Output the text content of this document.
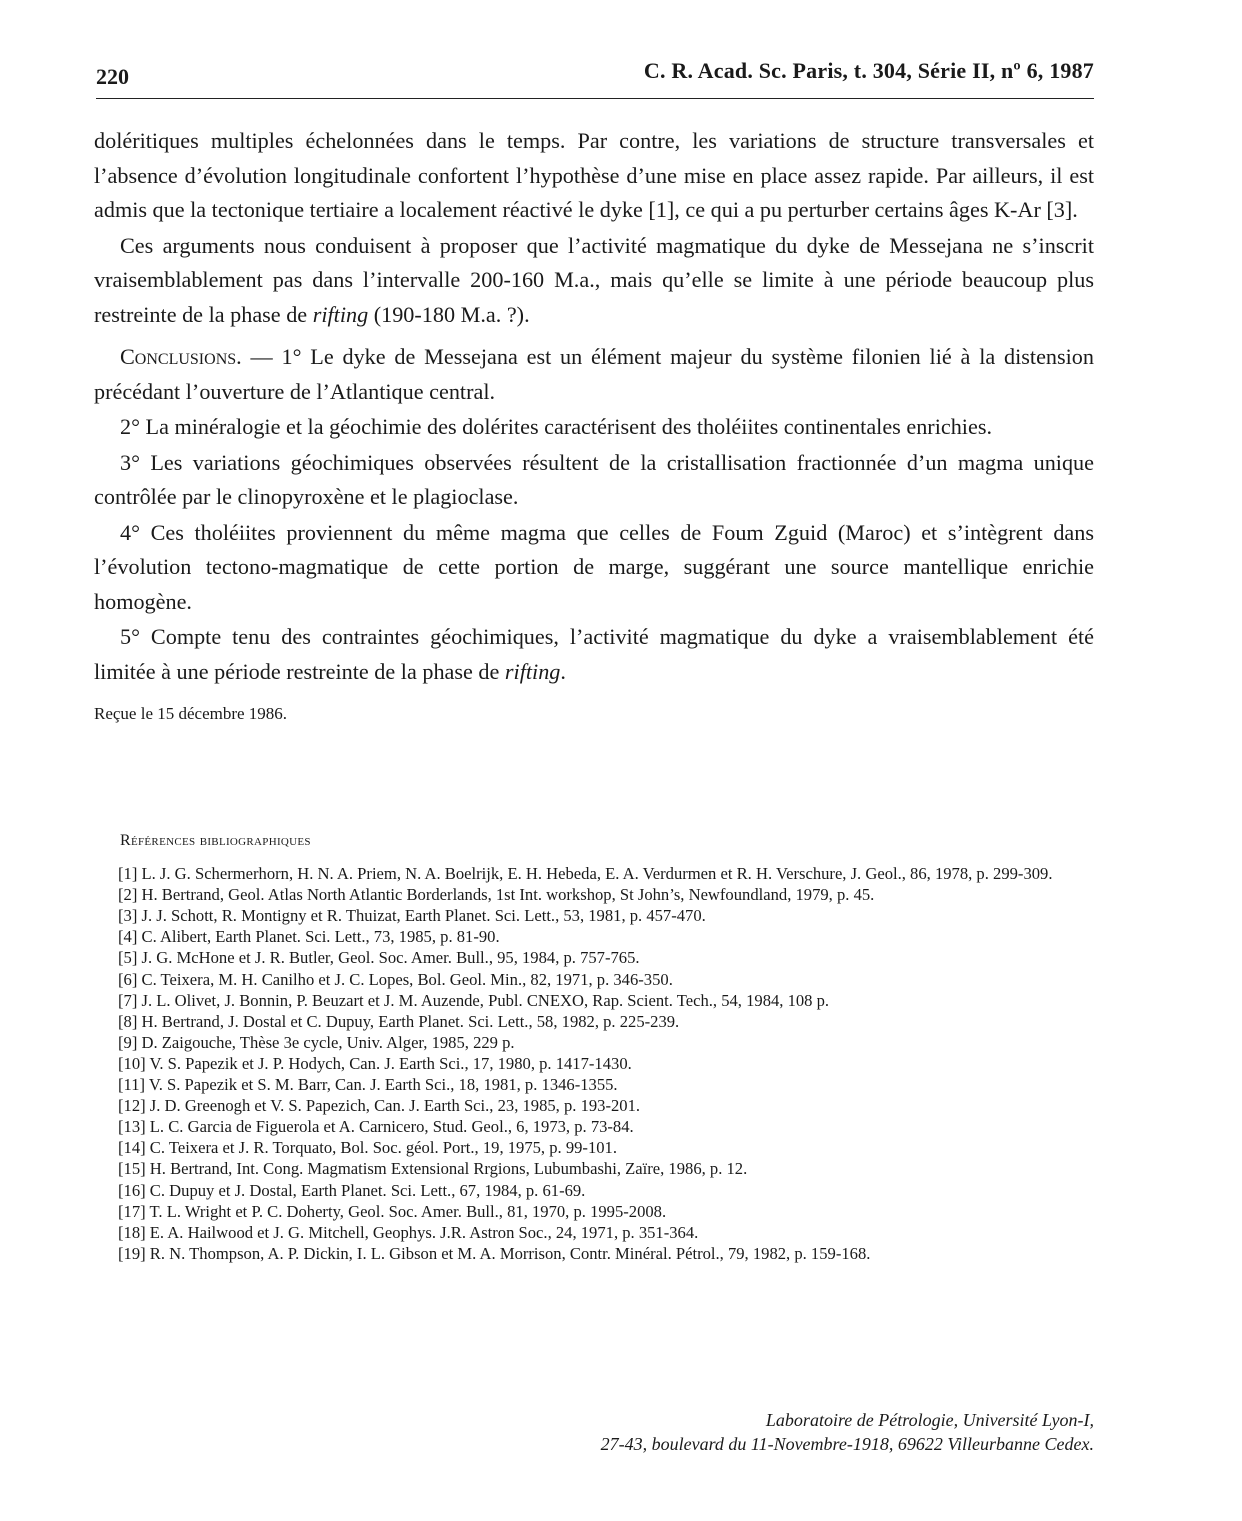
220	C. R. Acad. Sc. Paris, t. 304, Série II, nº 6, 1987

doléritiques multiples échelonnées dans le temps. Par contre, les variations de structure transversales et l’absence d’évolution longitudinale confortent l’hypothèse d’une mise en place assez rapide. Par ailleurs, il est admis que la tectonique tertiaire a localement réactivé le dyke [1], ce qui a pu perturber certains âges K-Ar [3].

Ces arguments nous conduisent à proposer que l’activité magmatique du dyke de Messejana ne s’inscrit vraisemblablement pas dans l’intervalle 200-160 M.a., mais qu’elle se limite à une période beaucoup plus restreinte de la phase de rifting (190-180 M.a. ?).

Conclusions. — 1° Le dyke de Messejana est un élément majeur du système filonien lié à la distension précédant l’ouverture de l’Atlantique central.

2° La minéralogie et la géochimie des dolérites caractérisent des tholéiites continentales enrichies.

3° Les variations géochimiques observées résultent de la cristallisation fractionnée d’un magma unique contrôlée par le clinopyroxène et le plagioclase.

4° Ces tholéiites proviennent du même magma que celles de Foum Zguid (Maroc) et s’intègrent dans l’évolution tectono-magmatique de cette portion de marge, suggérant une source mantellique enrichie homogène.

5° Compte tenu des contraintes géochimiques, l’activité magmatique du dyke a vraisemblablement été limitée à une période restreinte de la phase de rifting.

Reçue le 15 décembre 1986.
Références bibliographiques

[1] L. J. G. Schermerhorn, H. N. A. Priem, N. A. Boelrijk, E. H. Hebeda, E. A. Verdurmen et R. H. Verschure, J. Geol., 86, 1978, p. 299-309.

[2] H. Bertrand, Geol. Atlas North Atlantic Borderlands, 1st Int. workshop, St John’s, Newfoundland, 1979, p. 45.

[3] J. J. Schott, R. Montigny et R. Thuizat, Earth Planet. Sci. Lett., 53, 1981, p. 457-470.

[4] C. Alibert, Earth Planet. Sci. Lett., 73, 1985, p. 81-90.

[5] J. G. McHone et J. R. Butler, Geol. Soc. Amer. Bull., 95, 1984, p. 757-765.

[6] C. Teixera, M. H. Canilho et J. C. Lopes, Bol. Geol. Min., 82, 1971, p. 346-350.

[7] J. L. Olivet, J. Bonnin, P. Beuzart et J. M. Auzende, Publ. CNEXO, Rap. Scient. Tech., 54, 1984, 108 p.

[8] H. Bertrand, J. Dostal et C. Dupuy, Earth Planet. Sci. Lett., 58, 1982, p. 225-239.

[9] D. Zaigouche, Thèse 3e cycle, Univ. Alger, 1985, 229 p.

[10] V. S. Papezik et J. P. Hodych, Can. J. Earth Sci., 17, 1980, p. 1417-1430.

[11] V. S. Papezik et S. M. Barr, Can. J. Earth Sci., 18, 1981, p. 1346-1355.

[12] J. D. Greenogh et V. S. Papezich, Can. J. Earth Sci., 23, 1985, p. 193-201.

[13] L. C. Garcia de Figuerola et A. Carnicero, Stud. Geol., 6, 1973, p. 73-84.

[14] C. Teixera et J. R. Torquato, Bol. Soc. géol. Port., 19, 1975, p. 99-101.

[15] H. Bertrand, Int. Cong. Magmatism Extensional Rrgions, Lubumbashi, Zaïre, 1986, p. 12.

[16] C. Dupuy et J. Dostal, Earth Planet. Sci. Lett., 67, 1984, p. 61-69.

[17] T. L. Wright et P. C. Doherty, Geol. Soc. Amer. Bull., 81, 1970, p. 1995-2008.

[18] E. A. Hailwood et J. G. Mitchell, Geophys. J.R. Astron Soc., 24, 1971, p. 351-364.

[19] R. N. Thompson, A. P. Dickin, I. L. Gibson et M. A. Morrison, Contr. Minéral. Pétrol., 79, 1982, p. 159-168.

Laboratoire de Pétrologie, Université Lyon-I,
27-43, boulevard du 11-Novembre-1918, 69622 Villeurbanne Cedex.
